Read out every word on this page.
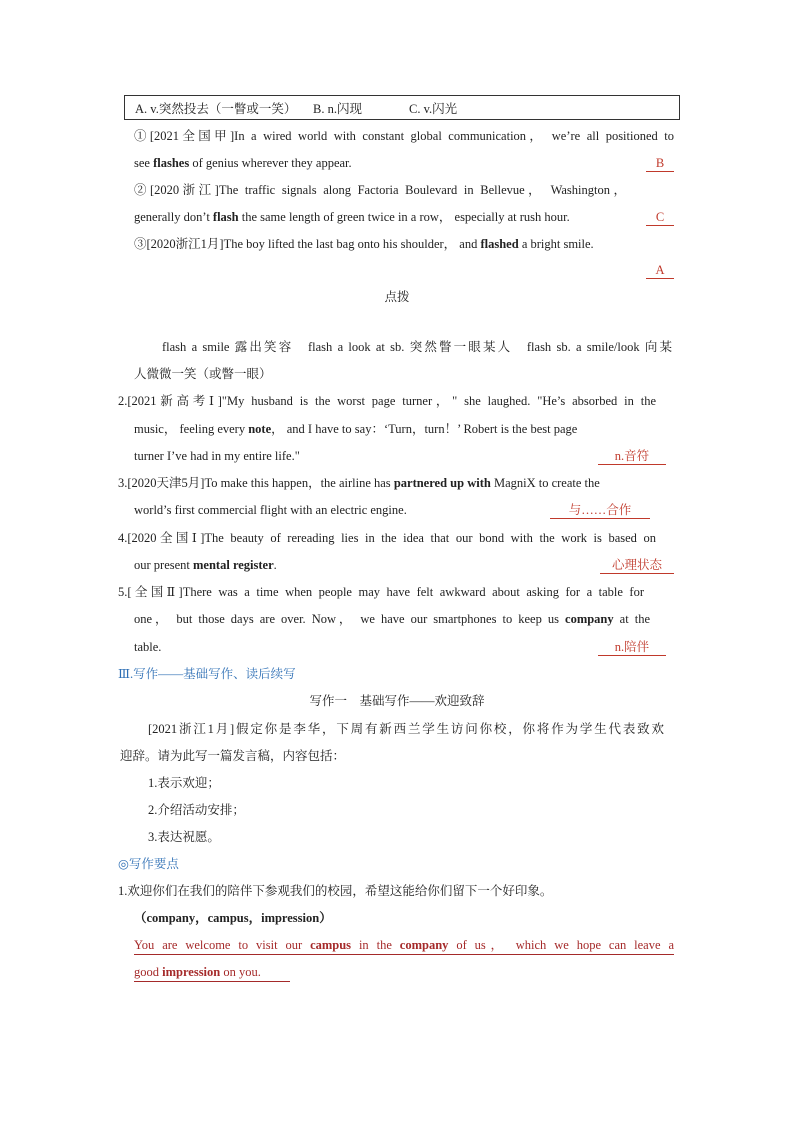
A. v.突然投去（一瞥或一笑） B. n.闪现	C. v.闪光
①[2021全国甲]In a wired world with constant global communication， we’re all positioned to
see flashes of genius wherever they appear.	B
②[2020浙江]The traffic signals along Factoria Boulevard in Bellevue， Washington，
generally don’t flash the same length of green twice in a row， especially at rush hour.	C
③[2020浙江1月]The boy lifted the last bag onto his shoulder， and flashed a bright smile.
A
点拨
flash a smile 露出笑容　flash a look at sb. 突然瞥一眼某人　flash sb. a smile/look 向某
人微微一笑（或瞥一眼）
2.[2021新高考Ⅰ]"My husband is the worst page turner，" she laughed. "He’s absorbed in the
music， feeling every note， and I have to say：‘Turn，turn！’ Robert is the best page
turner I’ve had in my entire life."	n.音符
3.[2020天津5月]To make this happen，the airline has partnered up with MagniX to create the
world’s first commercial flight with an electric engine.	与……合作
4.[2020全国Ⅰ]The beauty of rereading lies in the idea that our bond with the work is based on
our present mental register.	心理状态
5.[全国Ⅱ]There was a time when people may have felt awkward about asking for a table for
one， but those days are over. Now， we have our smartphones to keep us company at the
table.	n.陪伴
Ⅲ.写作——基础写作、读后续写
写作一　基础写作——欢迎致辞
[2021浙江1月]假定你是李华，下周有新西兰学生访问你校，你将作为学生代表致欢
迎辞。请为此写一篇发言稿，内容包括：
1.表示欢迎；
2.介绍活动安排；
3.表达祝愿。
◎写作要点
1.欢迎你们在我们的陪伴下参观我们的校园，希望这能给你们留下一个好印象。
（company，campus，impression）
You are welcome to visit our campus in the company of us， which we hope can leave a
good impression on you.
